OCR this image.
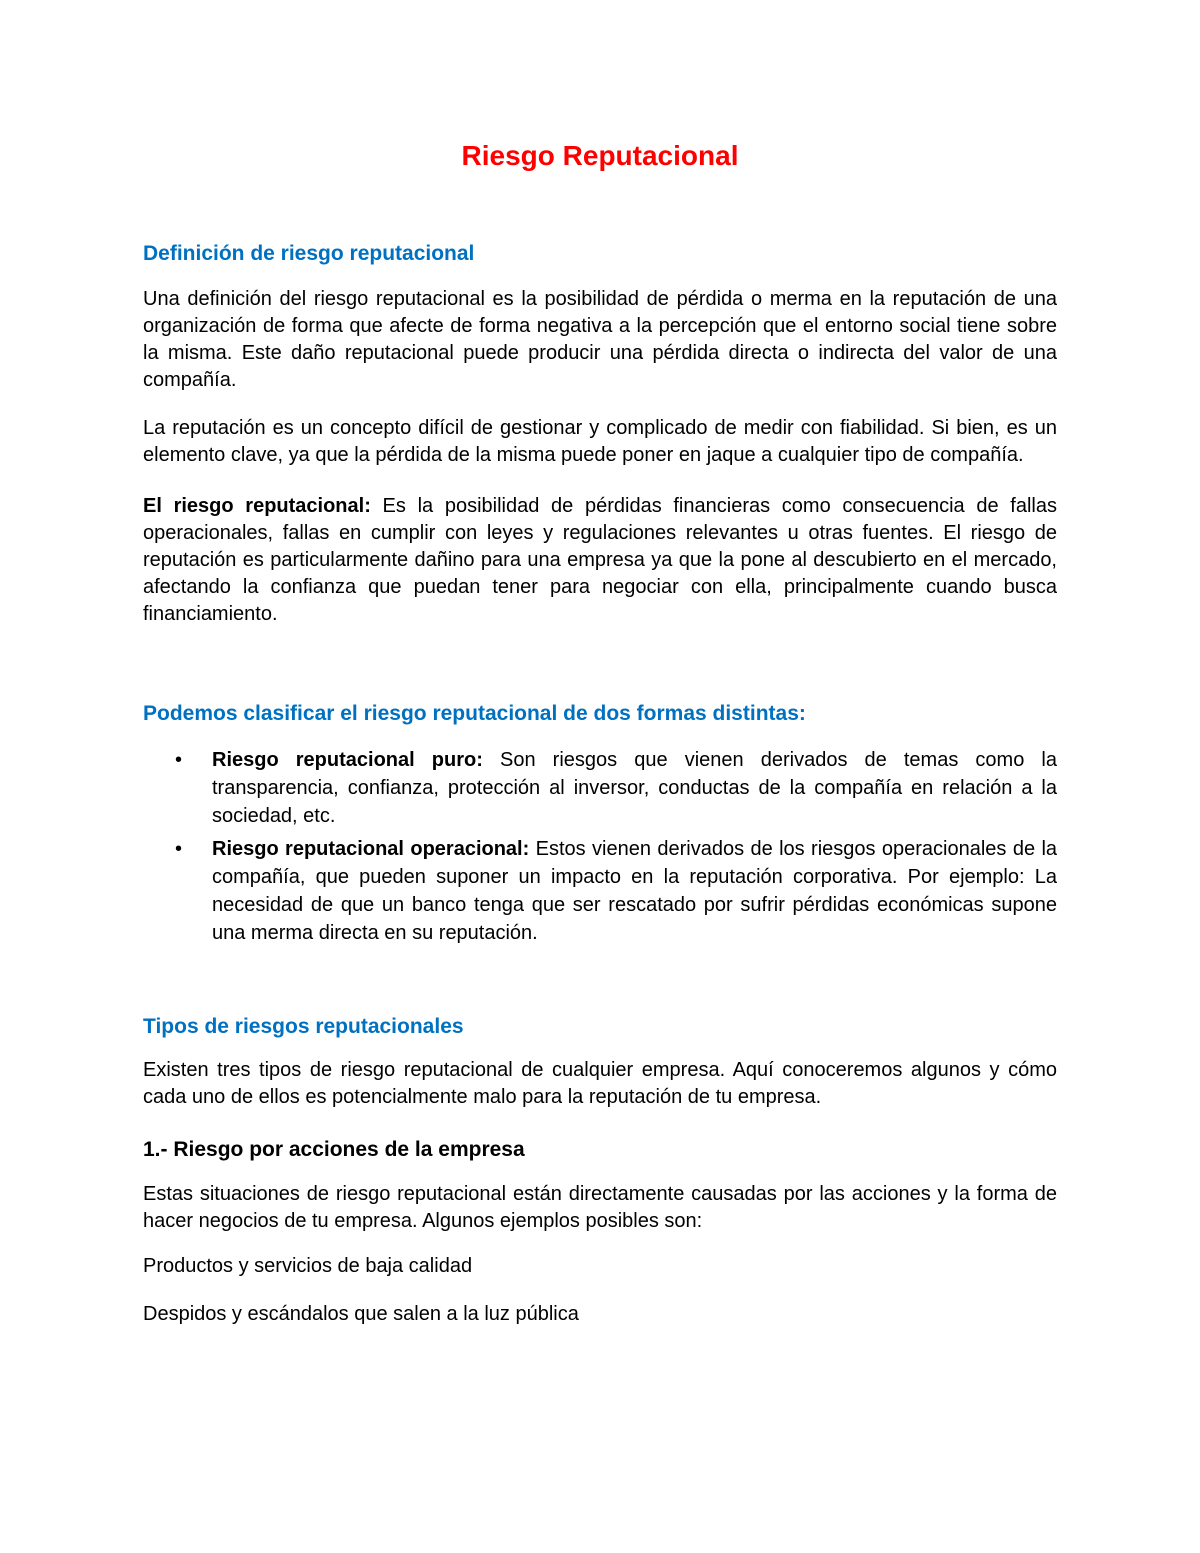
Riesgo Reputacional
Definición de riesgo reputacional

Una definición del riesgo reputacional es la posibilidad de pérdida o merma en la reputación de una organización de forma que afecte de forma negativa a la percepción que el entorno social tiene sobre la misma. Este daño reputacional puede producir una pérdida directa o indirecta del valor de una compañía.

La reputación es un concepto difícil de gestionar y complicado de medir con fiabilidad. Si bien, es un elemento clave, ya que la pérdida de la misma puede poner en jaque a cualquier tipo de compañía.

El riesgo reputacional: Es la posibilidad de pérdidas financieras como consecuencia de fallas operacionales, fallas en cumplir con leyes y regulaciones relevantes u otras fuentes. El riesgo de reputación es particularmente dañino para una empresa ya que la pone al descubierto en el mercado, afectando la confianza que puedan tener para negociar con ella, principalmente cuando busca financiamiento.

Podemos clasificar el riesgo reputacional de dos formas distintas:
• Riesgo reputacional puro: Son riesgos que vienen derivados de temas como la transparencia, confianza, protección al inversor, conductas de la compañía en relación a la sociedad, etc.
• Riesgo reputacional operacional: Estos vienen derivados de los riesgos operacionales de la compañía, que pueden suponer un impacto en la reputación corporativa. Por ejemplo: La necesidad de que un banco tenga que ser rescatado por sufrir pérdidas económicas supone una merma directa en su reputación.
Tipos de riesgos reputacionales

Existen tres tipos de riesgo reputacional de cualquier empresa. Aquí conoceremos algunos y cómo cada uno de ellos es potencialmente malo para la reputación de tu empresa.

1.- Riesgo por acciones de la empresa

Estas situaciones de riesgo reputacional están directamente causadas por las acciones y la forma de hacer negocios de tu empresa. Algunos ejemplos posibles son:

Productos y servicios de baja calidad

Despidos y escándalos que salen a la luz pública
